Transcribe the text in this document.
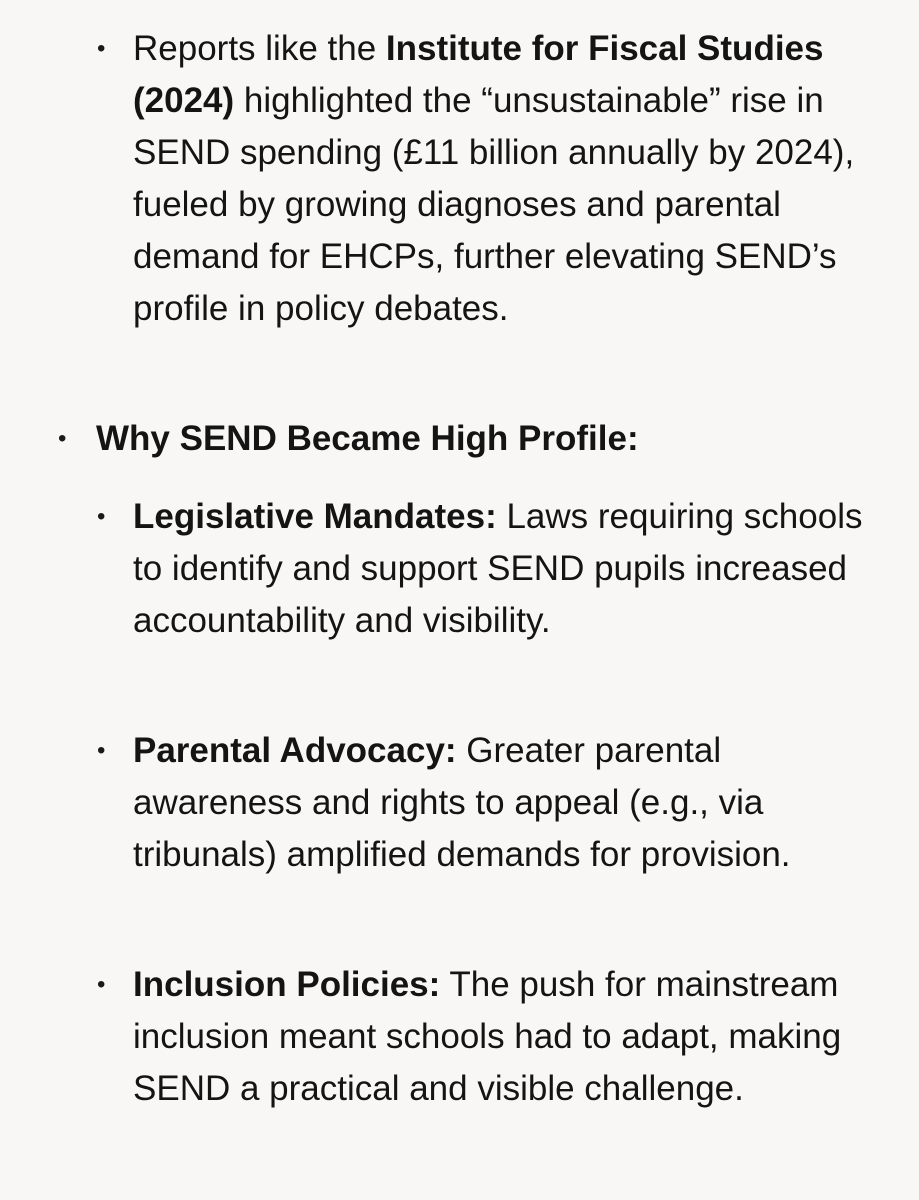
• Reports like the Institute for Fiscal Studies (2024) highlighted the “unsustainable” rise in SEND spending (£11 billion annually by 2024), fueled by growing diagnoses and parental demand for EHCPs, further elevating SEND’s profile in policy debates.
• Why SEND Became High Profile:
• Legislative Mandates: Laws requiring schools to identify and support SEND pupils increased accountability and visibility.
• Parental Advocacy: Greater parental awareness and rights to appeal (e.g., via tribunals) amplified demands for provision.
• Inclusion Policies: The push for mainstream inclusion meant schools had to adapt, making SEND a practical and visible challenge.
